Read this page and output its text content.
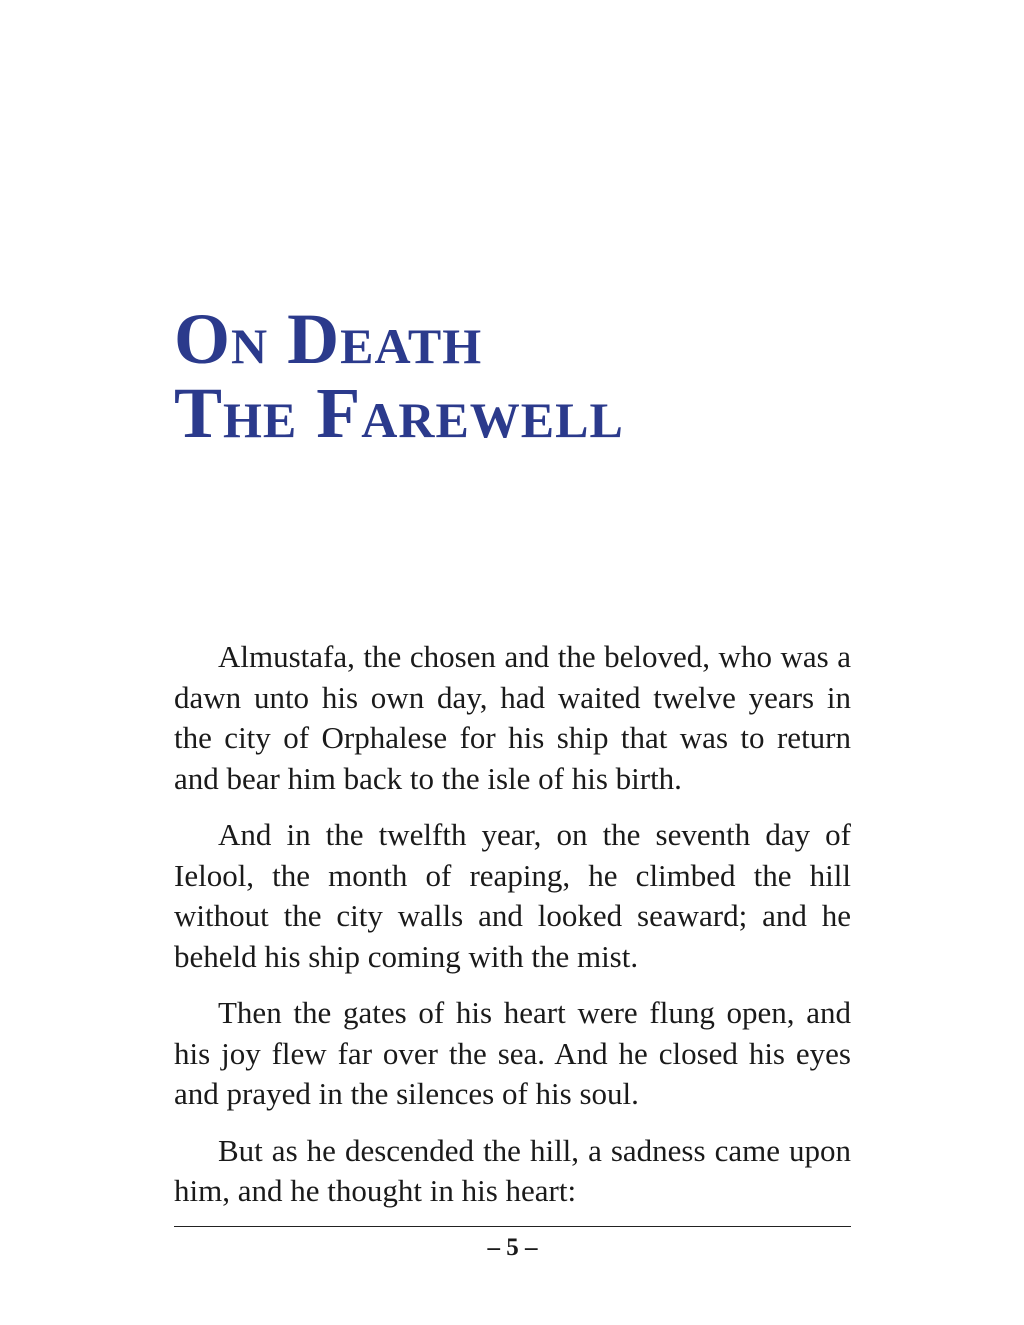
On Death
The Farewell

Almustafa, the chosen and the beloved, who was a dawn unto his own day, had waited twelve years in the city of Orphalese for his ship that was to return and bear him back to the isle of his birth.

And in the twelfth year, on the seventh day of Ielool, the month of reaping, he climbed the hill without the city walls and looked seaward; and he beheld his ship coming with the mist.

Then the gates of his heart were flung open, and his joy flew far over the sea. And he closed his eyes and prayed in the silences of his soul.

But as he descended the hill, a sadness came upon him, and he thought in his heart:

– 5 –
